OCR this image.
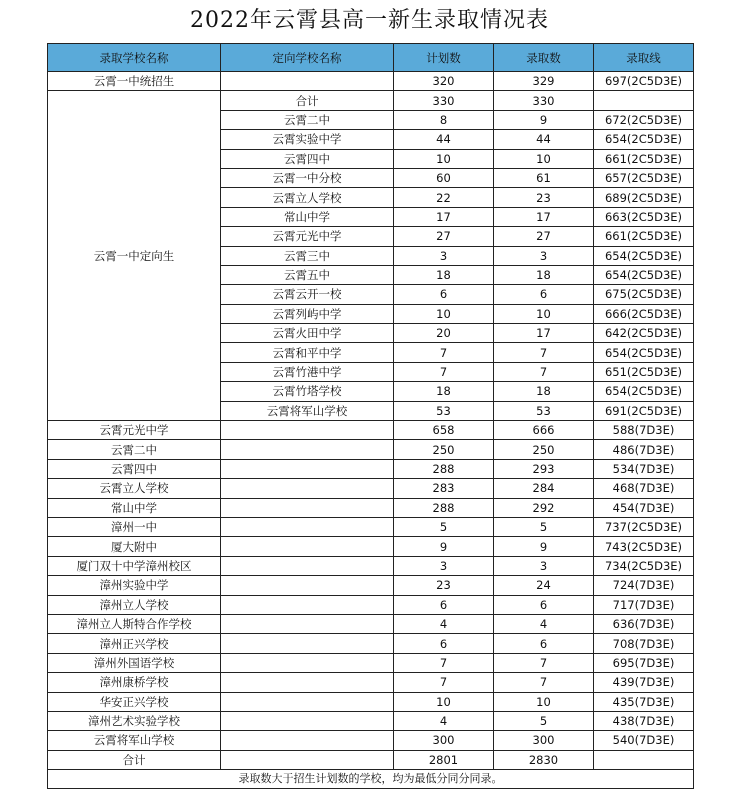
2022年云霄县高一新生录取情况表
录取学校名称	定向学校名称	计划数	录取数	录取线
云霄一中统招生		320	329	697(2C5D3E)
云霄一中定向生	合计	330	330	
	云霄二中	8	9	672(2C5D3E)
	云霄实验中学	44	44	654(2C5D3E)
	云霄四中	10	10	661(2C5D3E)
	云霄一中分校	60	61	657(2C5D3E)
	云霄立人学校	22	23	689(2C5D3E)
	常山中学	17	17	663(2C5D3E)
	云霄元光中学	27	27	661(2C5D3E)
	云霄三中	3	3	654(2C5D3E)
	云霄五中	18	18	654(2C5D3E)
	云霄云开一校	6	6	675(2C5D3E)
	云霄列屿中学	10	10	666(2C5D3E)
	云霄火田中学	20	17	642(2C5D3E)
	云霄和平中学	7	7	654(2C5D3E)
	云霄竹港中学	7	7	651(2C5D3E)
	云霄竹塔学校	18	18	654(2C5D3E)
	云霄将军山学校	53	53	691(2C5D3E)
云霄元光中学		658	666	588(7D3E)
云霄二中		250	250	486(7D3E)
云霄四中		288	293	534(7D3E)
云霄立人学校		283	284	468(7D3E)
常山中学		288	292	454(7D3E)
漳州一中		5	5	737(2C5D3E)
厦大附中		9	9	743(2C5D3E)
厦门双十中学漳州校区		3	3	734(2C5D3E)
漳州实验中学		23	24	724(7D3E)
漳州立人学校		6	6	717(7D3E)
漳州立人斯特合作学校		4	4	636(7D3E)
漳州正兴学校		6	6	708(7D3E)
漳州外国语学校		7	7	695(7D3E)
漳州康桥学校		7	7	439(7D3E)
华安正兴学校		10	10	435(7D3E)
漳州艺术实验学校		4	5	438(7D3E)
云霄将军山学校		300	300	540(7D3E)
合计		2801	2830	
录取数大于招生计划数的学校，均为最低分同分同录。				
